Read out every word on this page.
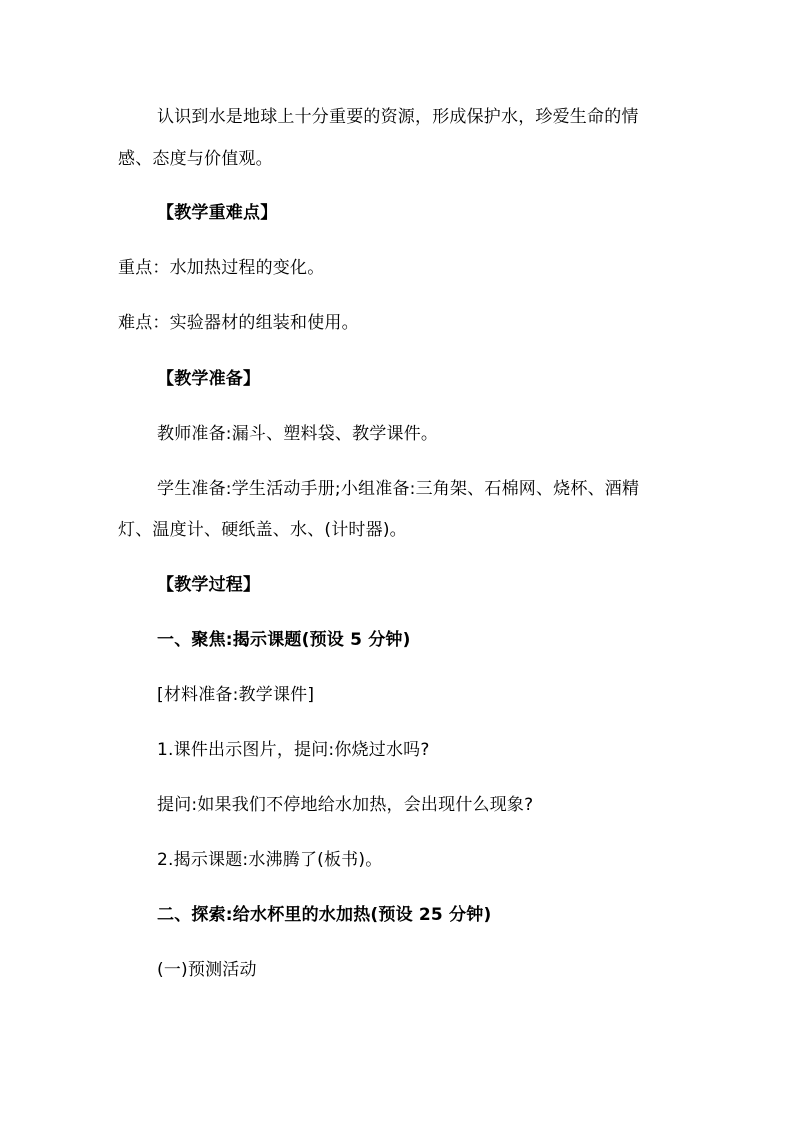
认识到水是地球上十分重要的资源，形成保护水，珍爱生命的情
感、态度与价值观。
【教学重难点】
重点：水加热过程的变化。
难点：实验器材的组装和使用。
【教学准备】
教师准备:漏斗、塑料袋、教学课件。
学生准备:学生活动手册;小组准备:三角架、石棉网、烧杯、酒精
灯、温度计、硬纸盖、水、(计时器)。
【教学过程】
一、聚焦:揭示课题(预设 5 分钟)
[材料准备:教学课件]
1.课件出示图片，提问:你烧过水吗?
提问:如果我们不停地给水加热，会出现什么现象?
2.揭示课题:水沸腾了(板书)。
二、探索:给水杯里的水加热(预设 25 分钟)
(一)预测活动
